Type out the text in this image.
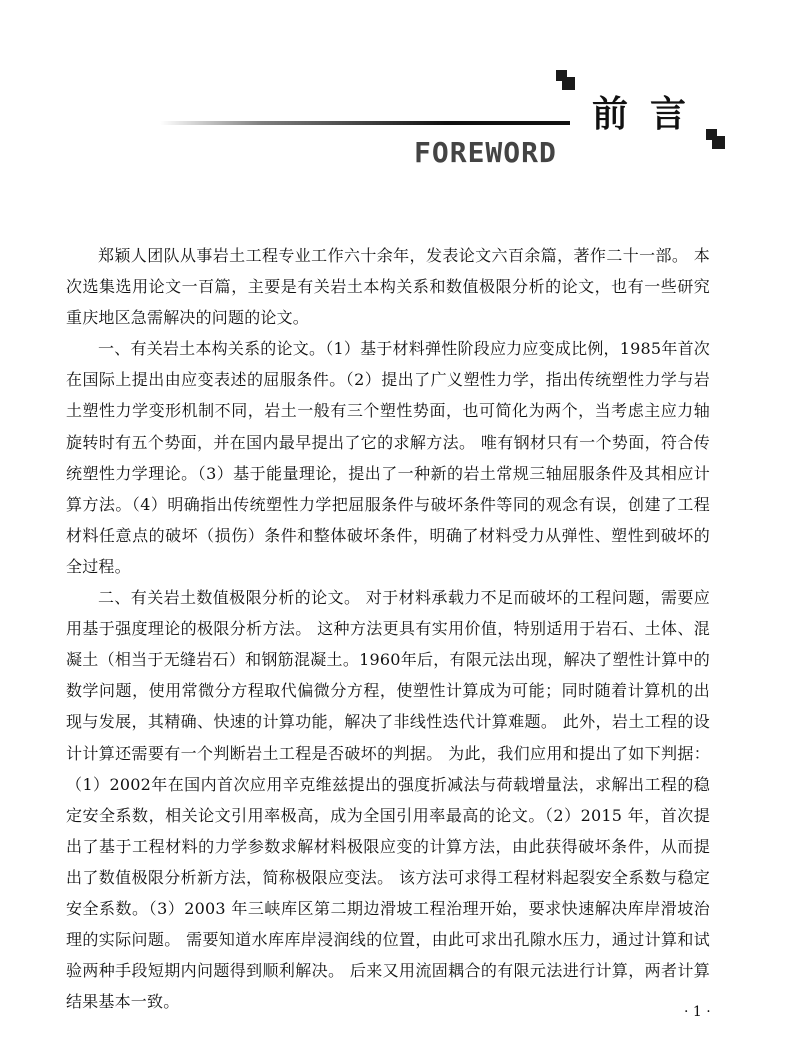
前言
FOREWORD

郑颖人团队从事岩土工程专业工作六十余年，发表论文六百余篇，著作二十一部。 本次选集选用论文一百篇，主要是有关岩土本构关系和数值极限分析的论文，也有一些研究重庆地区急需解决的问题的论文。

一、有关岩土本构关系的论文。（1）基于材料弹性阶段应力应变成比例，1985年首次在国际上提出由应变表述的屈服条件。（2）提出了广义塑性力学，指出传统塑性力学与岩土塑性力学变形机制不同，岩土一般有三个塑性势面，也可简化为两个，当考虑主应力轴旋转时有五个势面，并在国内最早提出了它的求解方法。 唯有钢材只有一个势面，符合传统塑性力学理论。（3）基于能量理论，提出了一种新的岩土常规三轴屈服条件及其相应计算方法。（4）明确指出传统塑性力学把屈服条件与破坏条件等同的观念有误，创建了工程材料任意点的破坏（损伤）条件和整体破坏条件，明确了材料受力从弹性、塑性到破坏的全过程。

二、有关岩土数值极限分析的论文。 对于材料承载力不足而破坏的工程问题，需要应用基于强度理论的极限分析方法。 这种方法更具有实用价值，特别适用于岩石、土体、混凝土（相当于无缝岩石）和钢筋混凝土。1960年后，有限元法出现，解决了塑性计算中的数学问题，使用常微分方程取代偏微分方程，使塑性计算成为可能；同时随着计算机的出现与发展，其精确、快速的计算功能，解决了非线性迭代计算难题。 此外，岩土工程的设计计算还需要有一个判断岩土工程是否破坏的判据。 为此，我们应用和提出了如下判据：（1）2002年在国内首次应用辛克维兹提出的强度折减法与荷载增量法，求解出工程的稳定安全系数，相关论文引用率极高，成为全国引用率最高的论文。（2）2015 年，首次提出了基于工程材料的力学参数求解材料极限应变的计算方法，由此获得破坏条件，从而提出了数值极限分析新方法，简称极限应变法。 该方法可求得工程材料起裂安全系数与稳定安全系数。（3）2003 年三峡库区第二期边滑坡工程治理开始，要求快速解决库岸滑坡治理的实际问题。 需要知道水库库岸浸润线的位置，由此可求出孔隙水压力，通过计算和试验两种手段短期内问题得到顺利解决。 后来又用流固耦合的有限元法进行计算，两者计算结果基本一致。

· 1 ·
